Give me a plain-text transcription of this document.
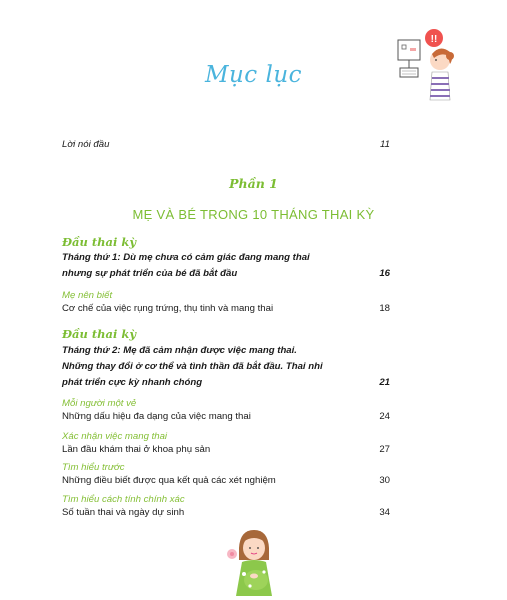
Mục lục
!!
Lời nói đầu	11
Phần 1
MẸ VÀ BÉ TRONG 10 THÁNG THAI KỲ
Đầu thai kỳ
Tháng thứ 1: Dù mẹ chưa có cảm giác đang mang thai
nhưng sự phát triển của bé đã bắt đầu	16
Mẹ nên biết
Cơ chế của việc rụng trứng, thụ tinh và mang thai	18
Đầu thai kỳ
Tháng thứ 2: Mẹ đã cảm nhận được việc mang thai.
Những thay đổi ở cơ thể và tình thần đã bắt đầu. Thai nhi
phát triển cực kỳ nhanh chóng	21
Mỗi người một vẻ
Những dấu hiệu đa dạng của việc mang thai	24
Xác nhận việc mang thai
Lần đầu khám thai ở khoa phụ sản	27
Tìm hiểu trước
Những điều biết được qua kết quả các xét nghiệm	30
Tìm hiểu cách tính chính xác
Số tuần thai và ngày dự sinh	34
